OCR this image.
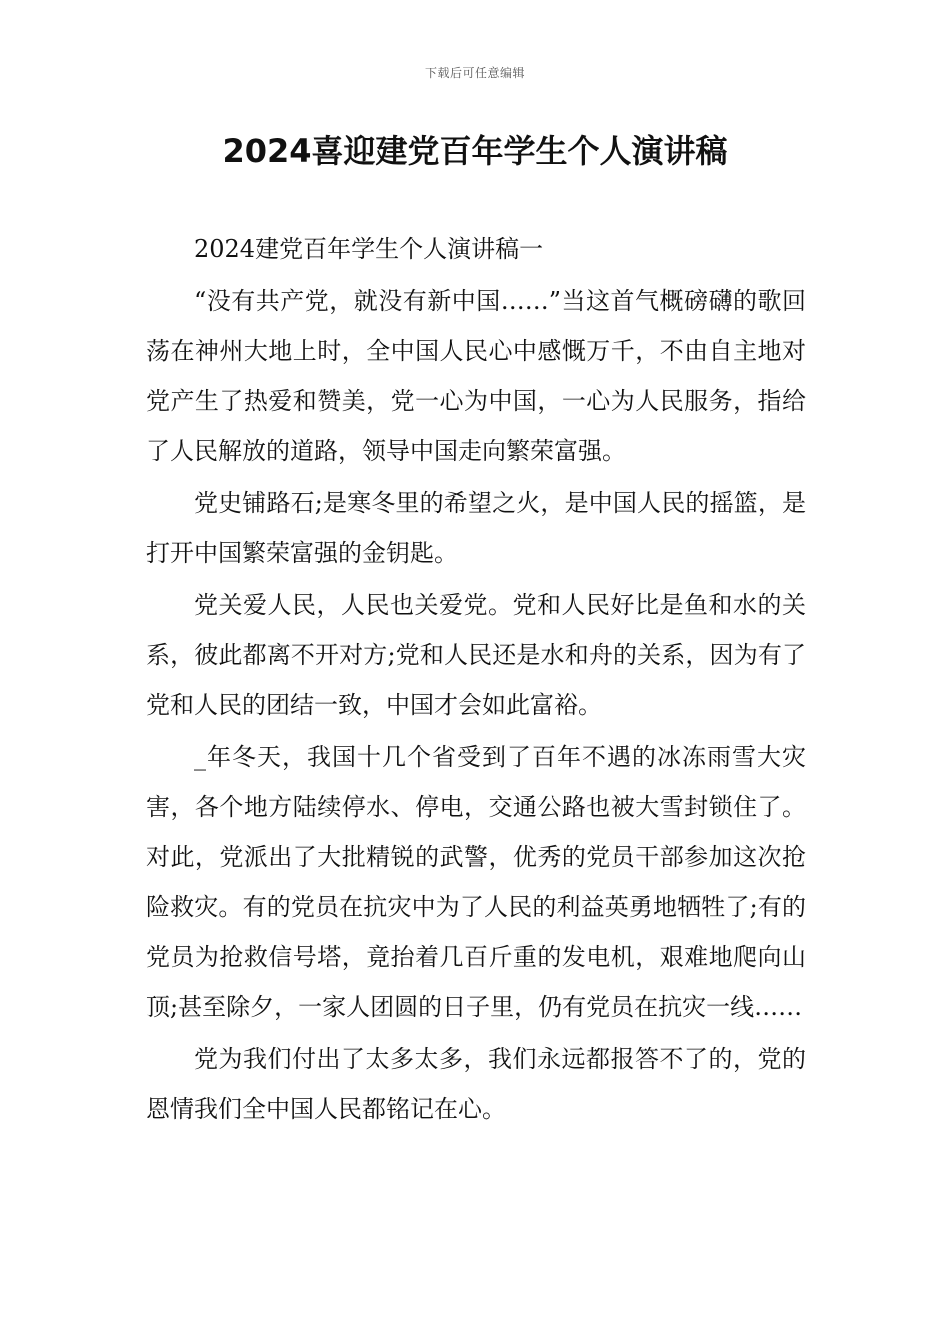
下载后可任意编辑
2024喜迎建党百年学生个人演讲稿

2024建党百年学生个人演讲稿一

“没有共产党，就没有新中国……”当这首气概磅礴的歌回荡在神州大地上时，全中国人民心中感慨万千，不由自主地对党产生了热爱和赞美，党一心为中国，一心为人民服务，指给了人民解放的道路，领导中国走向繁荣富强。

党史铺路石;是寒冬里的希望之火，是中国人民的摇篮，是打开中国繁荣富强的金钥匙。

党关爱人民，人民也关爱党。党和人民好比是鱼和水的关系，彼此都离不开对方;党和人民还是水和舟的关系，因为有了党和人民的团结一致，中国才会如此富裕。

_年冬天，我国十几个省受到了百年不遇的冰冻雨雪大灾害，各个地方陆续停水、停电，交通公路也被大雪封锁住了。对此，党派出了大批精锐的武警，优秀的党员干部参加这次抢险救灾。有的党员在抗灾中为了人民的利益英勇地牺牲了;有的党员为抢救信号塔，竟抬着几百斤重的发电机，艰难地爬向山顶;甚至除夕，一家人团圆的日子里，仍有党员在抗灾一线……

党为我们付出了太多太多，我们永远都报答不了的，党的恩情我们全中国人民都铭记在心。
